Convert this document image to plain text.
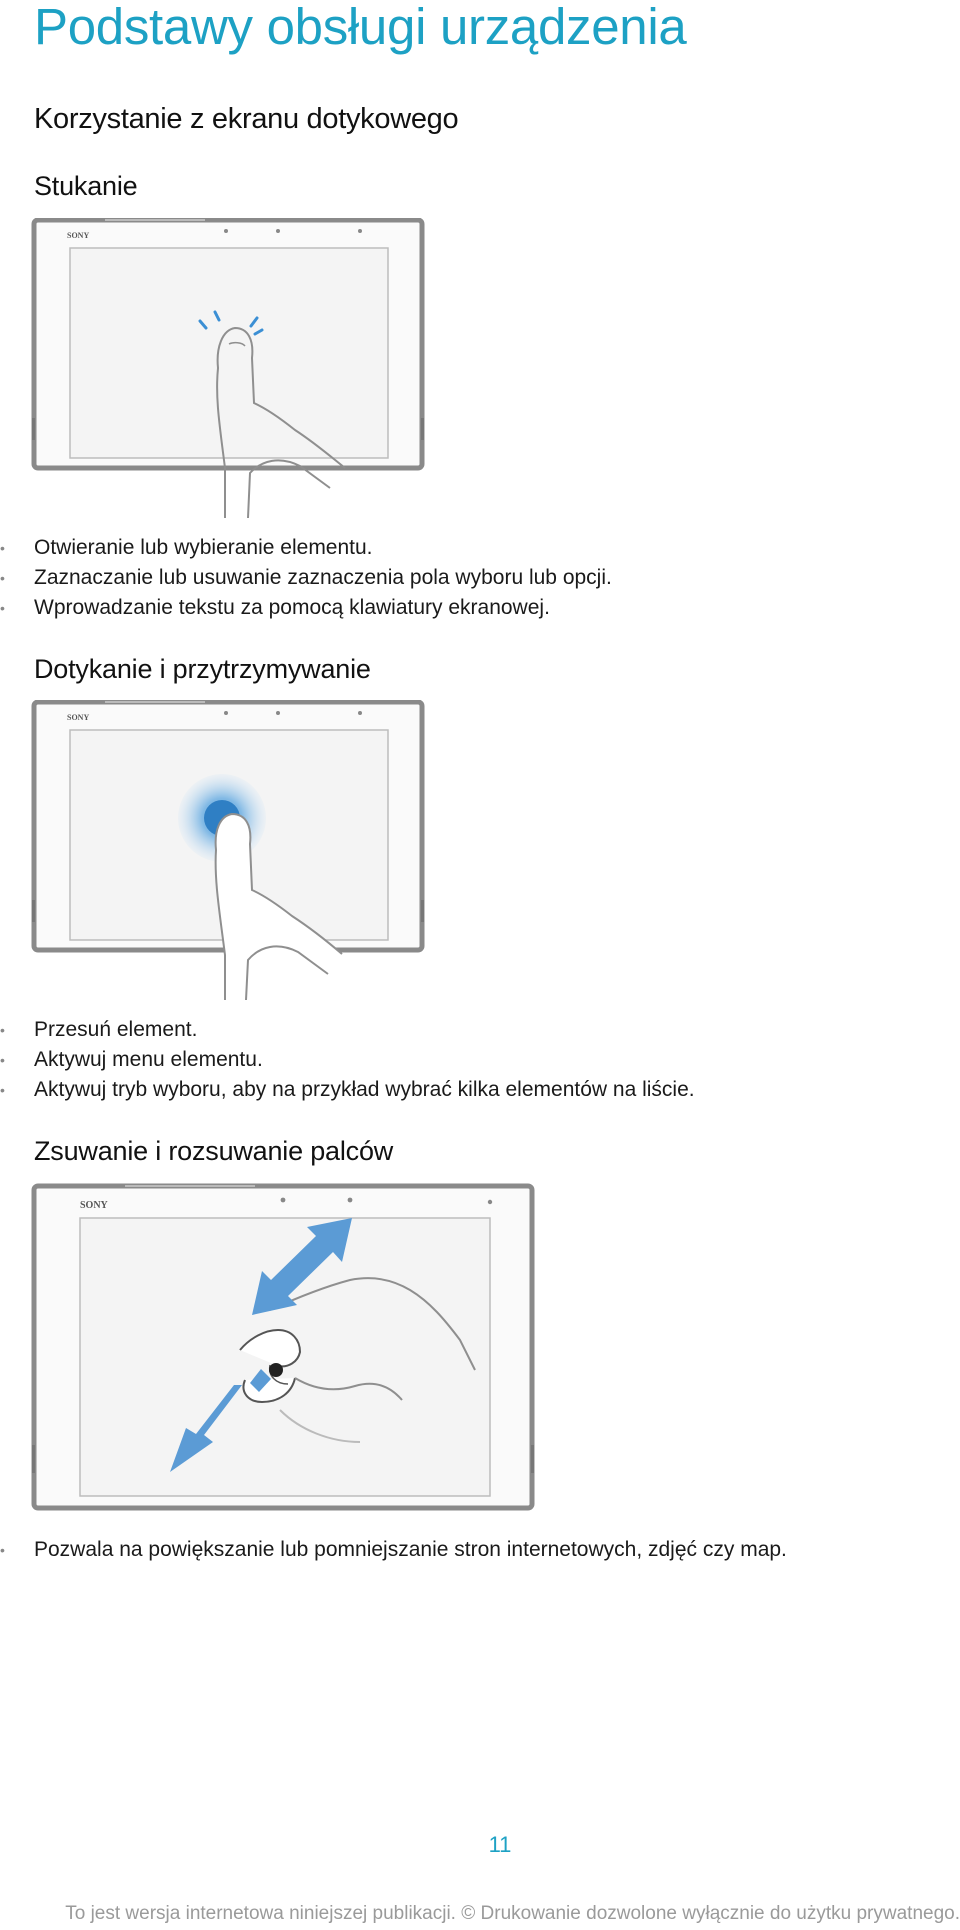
Podstawy obsługi urządzenia
Korzystanie z ekranu dotykowego
Stukanie
SONY
• Otwieranie lub wybieranie elementu.
• Zaznaczanie lub usuwanie zaznaczenia pola wyboru lub opcji.
• Wprowadzanie tekstu za pomocą klawiatury ekranowej.
Dotykanie i przytrzymywanie
SONY
• Przesuń element.
• Aktywuj menu elementu.
• Aktywuj tryb wyboru, aby na przykład wybrać kilka elementów na liście.
Zsuwanie i rozsuwanie palców
SONY
• Pozwala na powiększanie lub pomniejszanie stron internetowych, zdjęć czy map.
11
To jest wersja internetowa niniejszej publikacji. © Drukowanie dozwolone wyłącznie do użytku prywatnego.
